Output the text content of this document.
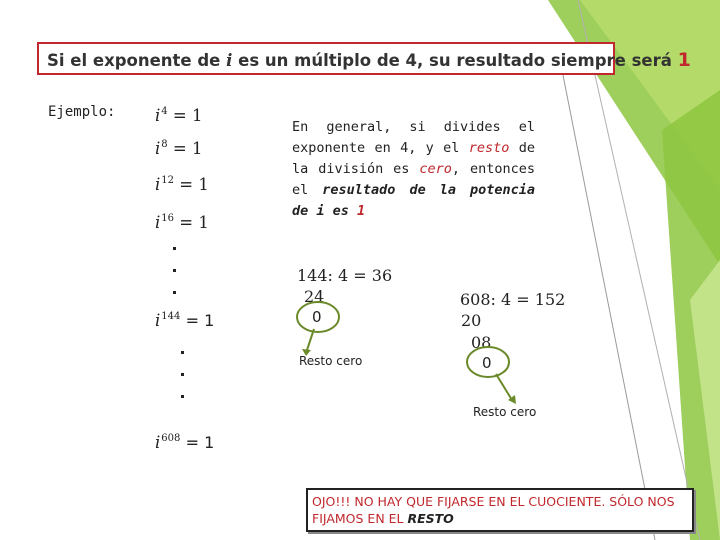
Si el exponente de i es un múltiplo de 4, su resultado siempre será 1
Ejemplo: $i^4 = 1$
$i^8 = 1$
$i^{12} = 1$
$i^{16} = 1$
$i^{144} = 1$
$i^{608} = 1$
En general, si divides el exponente en 4, y el resto de la división es cero, entonces el resultado de la potencia de i es 1
144: 4 = 36
24
0
Resto cero
608: 4 = 152
20
08
0
Resto cero
OJO!!! NO HAY QUE FIJARSE EN EL CUOCIENTE. SÓLO NOS FIJAMOS EN EL RESTO
